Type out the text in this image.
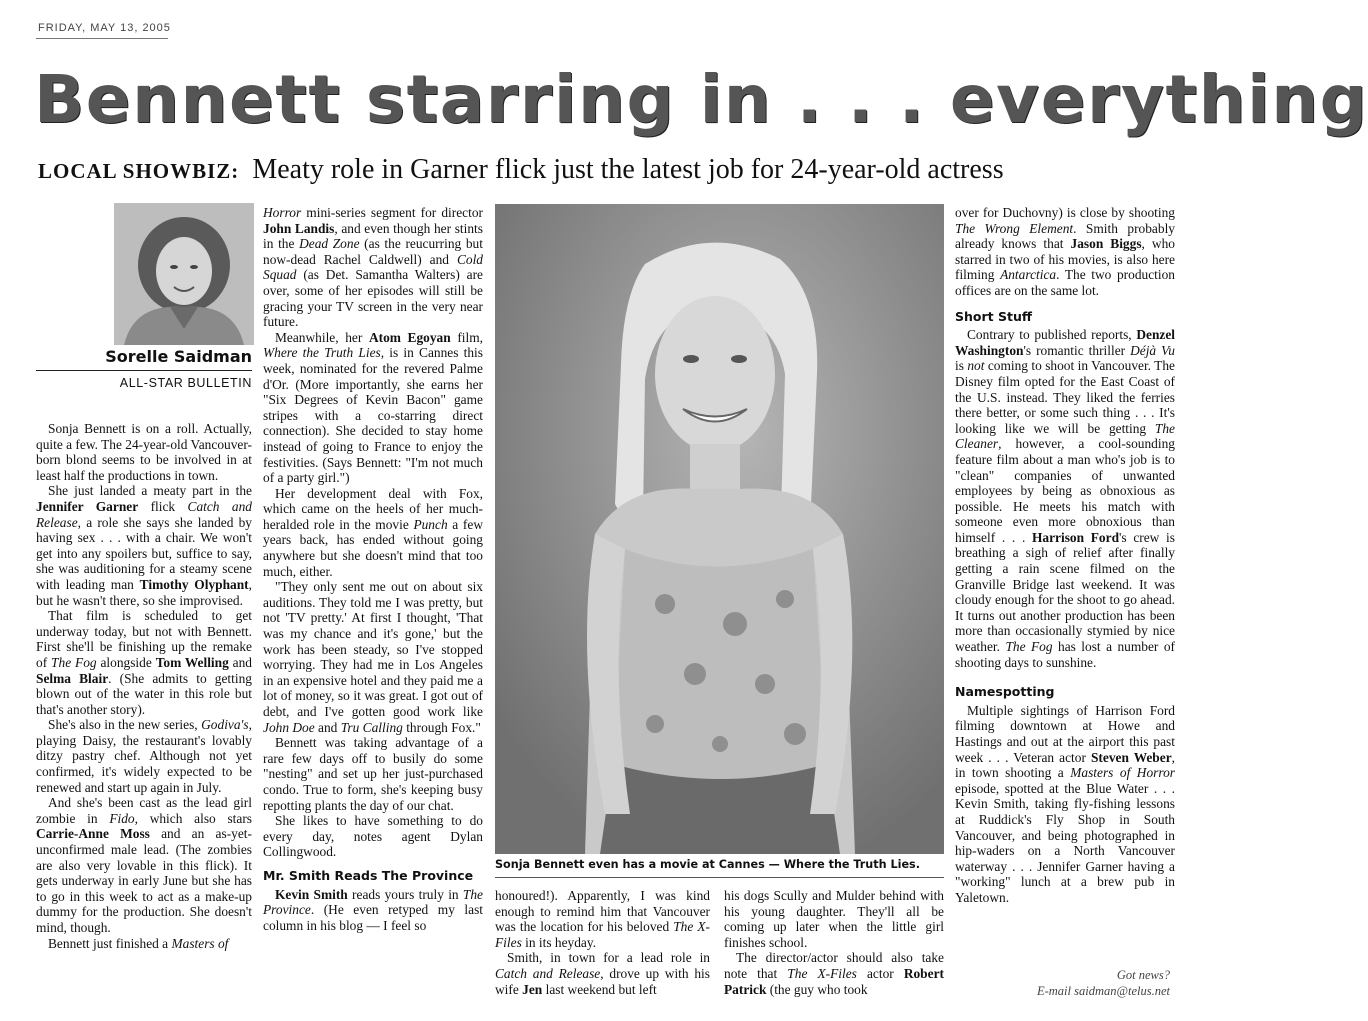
FRIDAY, MAY 13, 2005
Bennett starring in . . . everything
LOCAL SHOWBIZ: Meaty role in Garner flick just the latest job for 24-year-old actress
Sorelle Saidman
ALL-STAR BULLETIN

Sonja Bennett is on a roll. Actually, quite a few. The 24-year-old Vancouver-born blond seems to be involved in at least half the productions in town.

She just landed a meaty part in the Jennifer Garner flick Catch and Release, a role she says she landed by having sex . . . with a chair. We won't get into any spoilers but, suffice to say, she was auditioning for a steamy scene with leading man Timothy Olyphant, but he wasn't there, so she improvised.

That film is scheduled to get underway today, but not with Bennett. First she'll be finishing up the remake of The Fog alongside Tom Welling and Selma Blair. (She admits to getting blown out of the water in this role but that's another story).

She's also in the new series, Godiva's, playing Daisy, the restaurant's lovably ditzy pastry chef. Although not yet confirmed, it's widely expected to be renewed and start up again in July.

And she's been cast as the lead girl zombie in Fido, which also stars Carrie-Anne Moss and an as-yet-unconfirmed male lead. (The zombies are also very lovable in this flick). It gets underway in early June but she has to go in this week to act as a make-up dummy for the production. She doesn't mind, though.

Bennett just finished a Masters of

Horror mini-series segment for director John Landis, and even though her stints in the Dead Zone (as the reucurring but now-dead Rachel Caldwell) and Cold Squad (as Det. Samantha Walters) are over, some of her episodes will still be gracing your TV screen in the very near future.

Meanwhile, her Atom Egoyan film, Where the Truth Lies, is in Cannes this week, nominated for the revered Palme d'Or. (More importantly, she earns her "Six Degrees of Kevin Bacon" game stripes with a co-starring direct connection). She decided to stay home instead of going to France to enjoy the festivities. (Says Bennett: "I'm not much of a party girl.")

Her development deal with Fox, which came on the heels of her much-heralded role in the movie Punch a few years back, has ended without going anywhere but she doesn't mind that too much, either.

"They only sent me out on about six auditions. They told me I was pretty, but not 'TV pretty.' At first I thought, 'That was my chance and it's gone,' but the work has been steady, so I've stopped worrying. They had me in Los Angeles in an expensive hotel and they paid me a lot of money, so it was great. I got out of debt, and I've gotten good work like John Doe and Tru Calling through Fox."

Bennett was taking advantage of a rare few days off to busily do some "nesting" and set up her just-purchased condo. True to form, she's keeping busy repotting plants the day of our chat.

She likes to have something to do every day, notes agent Dylan Collingwood.

Mr. Smith Reads The Province

Kevin Smith reads yours truly in The Province. (He even retyped my last column in his blog — I feel so

Sonja Bennett even has a movie at Cannes — Where the Truth Lies.

honoured!). Apparently, I was kind enough to remind him that Vancouver was the location for his beloved The X-Files in its heyday.

Smith, in town for a lead role in Catch and Release, drove up with his wife Jen last weekend but left

his dogs Scully and Mulder behind with his young daughter. They'll all be coming up later when the little girl finishes school.

The director/actor should also take note that The X-Files actor Robert Patrick (the guy who took

over for Duchovny) is close by shooting The Wrong Element. Smith probably already knows that Jason Biggs, who starred in two of his movies, is also here filming Antarctica. The two production offices are on the same lot.

Short Stuff

Contrary to published reports, Denzel Washington's romantic thriller Déjà Vu is not coming to shoot in Vancouver. The Disney film opted for the East Coast of the U.S. instead. They liked the ferries there better, or some such thing . . . It's looking like we will be getting The Cleaner, however, a cool-sounding feature film about a man who's job is to "clean" companies of unwanted employees by being as obnoxious as possible. He meets his match with someone even more obnoxious than himself . . . Harrison Ford's crew is breathing a sigh of relief after finally getting a rain scene filmed on the Granville Bridge last weekend. It was cloudy enough for the shoot to go ahead. It turns out another production has been more than occasionally stymied by nice weather. The Fog has lost a number of shooting days to sunshine.

Namespotting

Multiple sightings of Harrison Ford filming downtown at Howe and Hastings and out at the airport this past week . . . Veteran actor Steven Weber, in town shooting a Masters of Horror episode, spotted at the Blue Water . . . Kevin Smith, taking fly-fishing lessons at Ruddick's Fly Shop in South Vancouver, and being photographed in hip-waders on a North Vancouver waterway . . . Jennifer Garner having a "working" lunch at a brew pub in Yaletown.

Got news?
E-mail saidman@telus.net
